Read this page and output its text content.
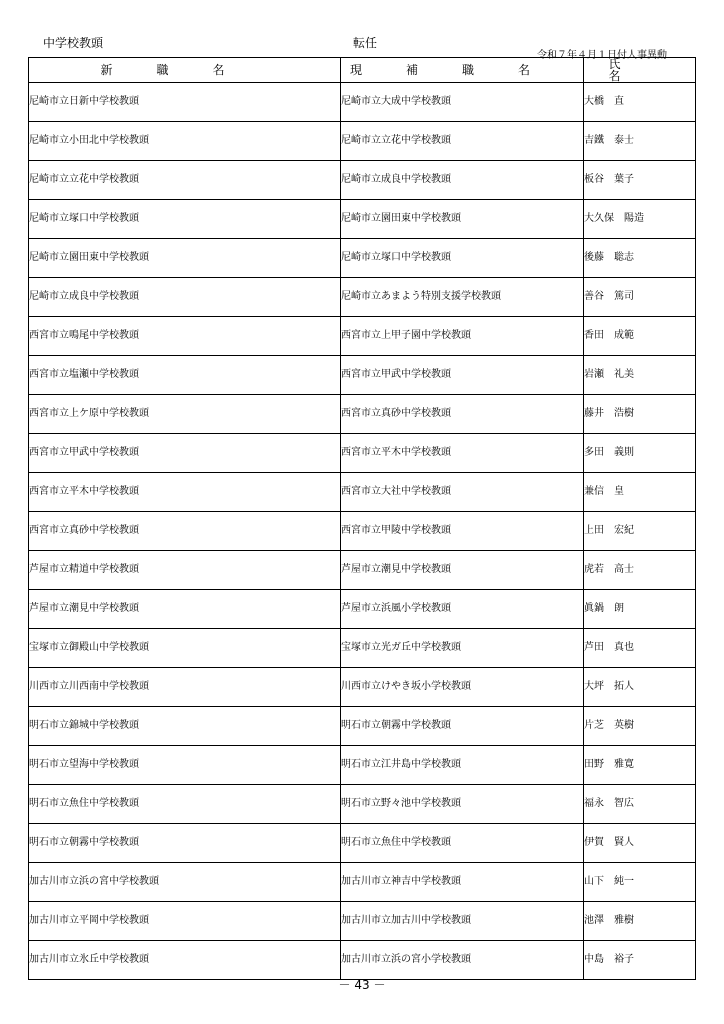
中学校教頭	転任
令和７年４月１日付人事異動
新職名	現補職名	氏名
尼崎市立日新中学校教頭	尼崎市立大成中学校教頭	大橋　直
尼崎市立小田北中学校教頭	尼崎市立立花中学校教頭	吉鐵　泰士
尼崎市立立花中学校教頭	尼崎市立成良中学校教頭	板谷　葉子
尼崎市立塚口中学校教頭	尼崎市立園田東中学校教頭	大久保　陽造
尼崎市立園田東中学校教頭	尼崎市立塚口中学校教頭	後藤　聡志
尼崎市立成良中学校教頭	尼崎市立あまよう特別支援学校教頭	善谷　篤司
西宮市立鳴尾中学校教頭	西宮市立上甲子園中学校教頭	香田　成範
西宮市立塩瀬中学校教頭	西宮市立甲武中学校教頭	岩瀬　礼美
西宮市立上ケ原中学校教頭	西宮市立真砂中学校教頭	藤井　浩樹
西宮市立甲武中学校教頭	西宮市立平木中学校教頭	多田　義則
西宮市立平木中学校教頭	西宮市立大社中学校教頭	兼信　皇
西宮市立真砂中学校教頭	西宮市立甲陵中学校教頭	上田　宏紀
芦屋市立精道中学校教頭	芦屋市立潮見中学校教頭	虎若　高士
芦屋市立潮見中学校教頭	芦屋市立浜風小学校教頭	眞鍋　朗
宝塚市立御殿山中学校教頭	宝塚市立光ガ丘中学校教頭	芦田　真也
川西市立川西南中学校教頭	川西市立けやき坂小学校教頭	大坪　拓人
明石市立錦城中学校教頭	明石市立朝霧中学校教頭	片芝　英樹
明石市立望海中学校教頭	明石市立江井島中学校教頭	田野　雅寛
明石市立魚住中学校教頭	明石市立野々池中学校教頭	福永　智広
明石市立朝霧中学校教頭	明石市立魚住中学校教頭	伊賀　賢人
加古川市立浜の宮中学校教頭	加古川市立神吉中学校教頭	山下　純一
加古川市立平岡中学校教頭	加古川市立加古川中学校教頭	池澤　雅樹
加古川市立氷丘中学校教頭	加古川市立浜の宮小学校教頭	中島　裕子
－ 43 －
